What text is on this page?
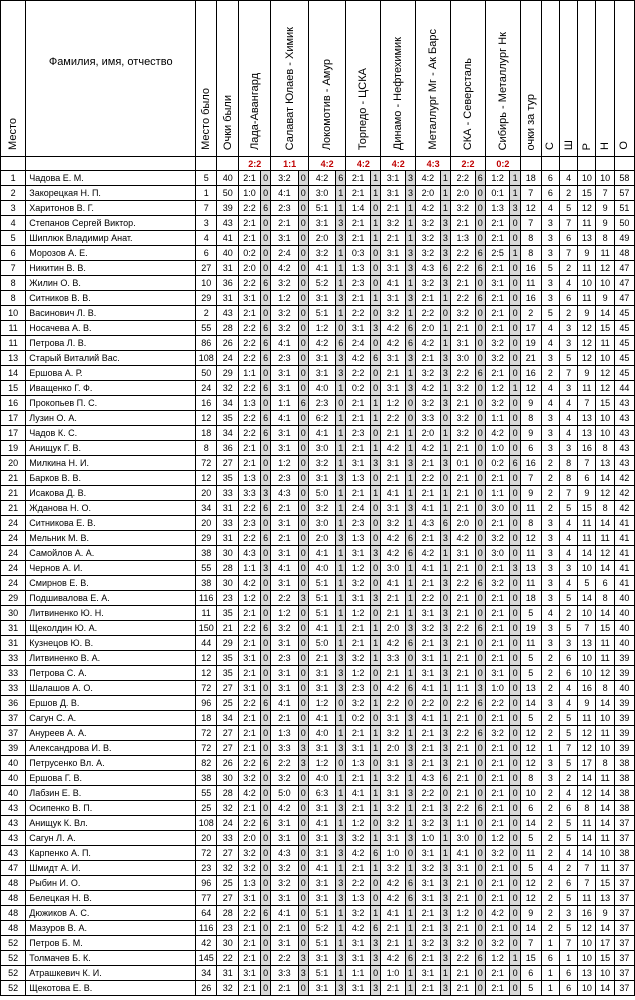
Место	Фамилия, имя, отчество	Место было	Очки были	Лада-Авангард		Салават Юлаев - Химик		Локомотив - Амур		Торпедо - ЦСКА		Динамо - Нефтехимик		Металлург Мг - Ак Барс		СКА - Северсталь		Сибирь - Металлург Нк		очки за тур	С	Ш	Р	Н	О
				2:2		1:1		4:2		4:2		4:2		4:3		2:2		0:2							
1	Чадова Е. М.	5	40	2:1	0	3:2	0	4:2	6	2:1	1	3:1	3	4:2	1	2:2	6	1:2	1	18	6	4	10	10	58
2	Закорецкая Н. П.	1	50	1:0	0	4:1	0	3:0	1	2:1	1	3:1	3	2:0	1	2:0	0	0:1	1	7	6	2	15	7	57
3	Харитонов В. Г.	7	39	2:2	6	2:3	0	5:1	1	1:4	0	2:1	1	4:2	1	3:2	0	1:3	3	12	4	5	12	9	51
4	Степанов Сергей Виктор.	3	43	2:1	0	2:1	0	3:1	3	2:1	1	3:2	1	3:2	3	2:1	0	2:1	0	7	3	7	11	9	50
5	Шиплюк Владимир Анат.	4	41	2:1	0	3:1	0	2:0	3	2:1	1	2:1	1	3:2	3	1:3	0	2:1	0	8	3	6	13	8	49
6	Морозов А. Е.	6	40	0:2	0	2:4	0	3:2	1	0:3	0	3:1	3	3:2	3	2:2	6	2:5	1	8	3	7	9	11	48
7	Никитин В. В.	27	31	2:0	0	4:2	0	4:1	1	1:3	0	3:1	3	4:3	6	2:2	6	2:1	0	16	5	2	11	12	47
8	Жилин О. В.	10	36	2:2	6	3:2	0	5:2	1	2:3	0	4:1	1	3:2	3	2:1	0	3:1	0	11	3	4	10	10	47
8	Ситников В. В.	29	31	3:1	0	1:2	0	3:1	3	2:1	1	3:1	3	2:1	1	2:2	6	2:1	0	16	3	6	11	9	47
10	Васинович Л. В.	2	43	2:1	0	3:2	0	5:1	1	2:2	0	3:2	1	2:2	0	3:2	0	2:1	0	2	5	2	9	14	45
11	Носачева А. В.	55	28	2:2	6	3:2	0	1:2	0	3:1	3	4:2	6	2:0	1	2:1	0	2:1	0	17	4	3	12	15	45
11	Петрова Л. В.	86	26	2:2	6	4:1	0	4:2	6	2:4	0	4:2	6	4:2	1	3:1	0	3:2	0	19	4	3	12	11	45
13	Старый Виталий Вас.	108	24	2:2	6	2:3	0	3:1	3	4:2	6	3:1	3	2:1	3	3:0	0	3:2	0	21	3	5	12	10	45
14	Ершова А. Р.	50	29	1:1	0	3:1	0	3:1	3	2:2	0	2:1	1	3:2	3	2:2	6	2:1	0	16	2	7	9	12	45
15	Иващенко Г. Ф.	24	32	2:2	6	3:1	0	4:0	1	0:2	0	3:1	3	4:2	1	3:2	0	1:2	1	12	4	3	11	12	44
16	Прокопьев П. С.	16	34	1:3	0	1:1	6	2:3	0	2:1	1	1:2	0	3:2	3	2:1	0	3:2	0	9	4	4	7	15	43
17	Лузин О. А.	12	35	2:2	6	4:1	0	6:2	1	2:1	1	2:2	0	3:3	0	3:2	0	1:1	0	8	3	4	13	10	43
17	Чадов К. С.	18	34	2:2	6	3:1	0	4:1	1	2:3	0	2:1	1	2:0	1	3:2	0	4:2	0	9	3	4	13	10	43
19	Анищук Г. В.	8	36	2:1	0	3:1	0	3:0	1	2:1	1	4:2	1	4:2	1	2:1	0	1:0	0	6	3	3	16	8	43
20	Милкина Н. И.	72	27	2:1	0	1:2	0	3:2	1	3:1	3	3:1	3	2:1	3	0:1	0	0:2	6	16	2	8	7	13	43
21	Барков В. В.	12	35	1:3	0	2:3	0	3:1	3	1:3	0	2:1	1	2:2	0	2:1	0	2:1	0	7	2	8	6	14	42
21	Исакова Д. В.	20	33	3:3	3	4:3	0	5:0	1	2:1	1	4:1	1	2:1	1	2:1	0	1:1	0	9	2	7	9	12	42
21	Жданова Н. О.	34	31	2:2	6	2:1	0	3:2	1	2:4	0	3:1	3	4:1	1	2:1	0	3:0	0	11	2	5	15	8	42
24	Ситникова Е. В.	20	33	2:3	0	3:1	0	3:0	1	2:3	0	3:2	1	4:3	6	2:0	0	2:1	0	8	3	4	11	14	41
24	Мельник М. В.	29	31	2:2	6	2:1	0	2:0	3	1:3	0	4:2	6	2:1	3	4:2	0	3:2	0	12	3	4	11	11	41
24	Самойлов А. А.	38	30	4:3	0	3:1	0	4:1	1	3:1	3	4:2	6	4:2	1	3:1	0	3:0	0	11	3	4	14	12	41
24	Чернов А. И.	55	28	1:1	3	4:1	0	4:0	1	1:2	0	3:0	1	4:1	1	2:1	0	2:1	3	13	3	3	10	14	41
24	Смирнов Е. В.	38	30	4:2	0	3:1	0	5:1	1	3:2	0	4:1	1	2:1	3	2:2	6	3:2	0	11	3	4	5	6	41
29	Подшивалова Е. А.	116	23	1:2	0	2:2	3	5:1	1	3:1	3	2:1	1	2:2	0	2:1	0	2:1	0	18	3	5	14	8	40
30	Литвиненко Ю. Н.	11	35	2:1	0	1:2	0	5:1	1	1:2	0	2:1	1	3:1	3	2:1	0	2:1	0	5	4	2	10	14	40
31	Щеколдин Ю. А.	150	21	2:2	6	3:2	0	4:1	1	2:1	1	2:0	3	3:2	3	2:2	6	2:1	0	19	3	5	7	15	40
31	Кузнецов Ю. В.	44	29	2:1	0	3:1	0	5:0	1	2:1	1	4:2	6	2:1	3	2:1	0	2:1	0	11	3	3	13	11	40
33	Литвиненко В. А.	12	35	3:1	0	2:3	0	2:1	3	3:2	1	3:3	0	3:1	1	2:1	0	2:1	0	5	2	6	10	11	39
33	Петрова С. А.	12	35	2:1	0	3:1	0	3:1	3	1:2	0	2:1	1	3:1	3	2:1	0	3:1	0	5	2	6	10	12	39
33	Шалашов А. О.	72	27	3:1	0	3:1	0	3:1	3	2:3	0	4:2	6	4:1	1	1:1	3	1:0	0	13	2	4	16	8	40
36	Ершов Д. В.	96	25	2:2	6	4:1	0	1:2	0	3:2	1	2:2	0	2:2	0	2:2	6	2:2	0	14	3	4	9	14	39
37	Сагун С. А.	18	34	2:1	0	2:1	0	4:1	1	0:2	0	3:1	3	4:1	1	2:1	0	2:1	0	5	2	5	11	10	39
37	Ануреев А. А.	72	27	2:1	0	1:3	0	4:0	1	2:1	1	3:2	1	2:1	3	2:2	6	3:2	0	12	2	5	12	11	39
39	Александрова И. В.	72	27	2:1	0	3:3	3	3:1	3	3:1	1	2:0	3	2:1	3	2:1	0	2:1	0	12	1	7	12	10	39
40	Петрусенко Вл. А.	82	26	2:2	6	2:2	3	1:2	0	1:3	0	3:1	3	2:1	3	2:1	0	2:1	0	12	3	5	17	8	38
40	Ершова Г. В.	38	30	3:2	0	3:2	0	4:0	1	2:1	1	3:2	1	4:3	6	2:1	0	2:1	0	8	3	2	14	11	38
40	Лабзин Е. В.	55	28	4:2	0	5:0	0	6:3	1	4:1	1	3:1	3	2:2	0	2:1	0	2:1	0	10	2	4	12	14	38
43	Осипенко В. П.	25	32	2:1	0	4:2	0	3:1	3	2:1	1	3:2	1	2:1	3	2:2	6	2:1	0	6	2	6	8	14	38
43	Анищук К. Вл.	108	24	2:2	6	3:1	0	4:1	1	1:2	0	3:2	1	3:2	3	1:1	0	2:1	0	14	2	5	11	14	37
43	Сагун Л. А.	20	33	2:0	0	3:1	0	3:1	3	3:2	1	3:1	3	1:0	1	3:0	0	1:2	0	5	2	5	14	11	37
43	Карпенко А. П.	72	27	3:2	0	4:3	0	3:1	3	4:2	6	1:0	0	3:1	1	4:1	0	3:2	0	11	2	4	14	10	38
47	Шмидт А. И.	23	32	3:2	0	3:2	0	4:1	1	2:1	1	3:2	1	3:2	3	3:1	0	2:1	0	5	4	2	7	11	37
48	Рыбин И. О.	96	25	1:3	0	3:2	0	3:1	3	2:2	0	4:2	6	3:1	3	2:1	0	2:1	0	12	2	6	7	15	37
48	Белецкая Н. В.	77	27	3:1	0	3:1	0	3:1	3	1:3	0	4:2	6	3:1	3	2:1	0	2:1	0	12	2	5	11	13	37
48	Дюжиков А. С.	64	28	2:2	6	4:1	0	5:1	1	3:2	1	4:1	1	2:1	3	1:2	0	4:2	0	9	2	3	16	9	37
48	Мазуров В. А.	116	23	2:1	0	2:1	0	5:2	1	4:2	6	2:1	1	2:1	3	2:1	0	2:1	0	14	2	5	12	14	37
52	Петров Б. М.	42	30	2:1	0	3:1	0	5:1	1	3:1	3	2:1	1	3:2	3	3:2	0	3:2	0	7	1	7	10	17	37
52	Толмачев Б. К.	145	22	2:1	0	2:2	3	3:1	3	3:1	3	4:2	6	2:1	3	2:2	6	1:2	1	15	6	1	10	15	37
52	Атрашкевич К. И.	34	31	3:1	0	3:3	3	5:1	1	1:1	0	1:0	1	3:1	1	2:1	0	2:1	0	6	1	6	13	10	37
52	Щекотова Е. В.	26	32	2:1	0	2:1	0	3:1	3	3:1	3	2:1	1	2:1	3	2:1	0	2:1	0	5	1	6	10	14	37
